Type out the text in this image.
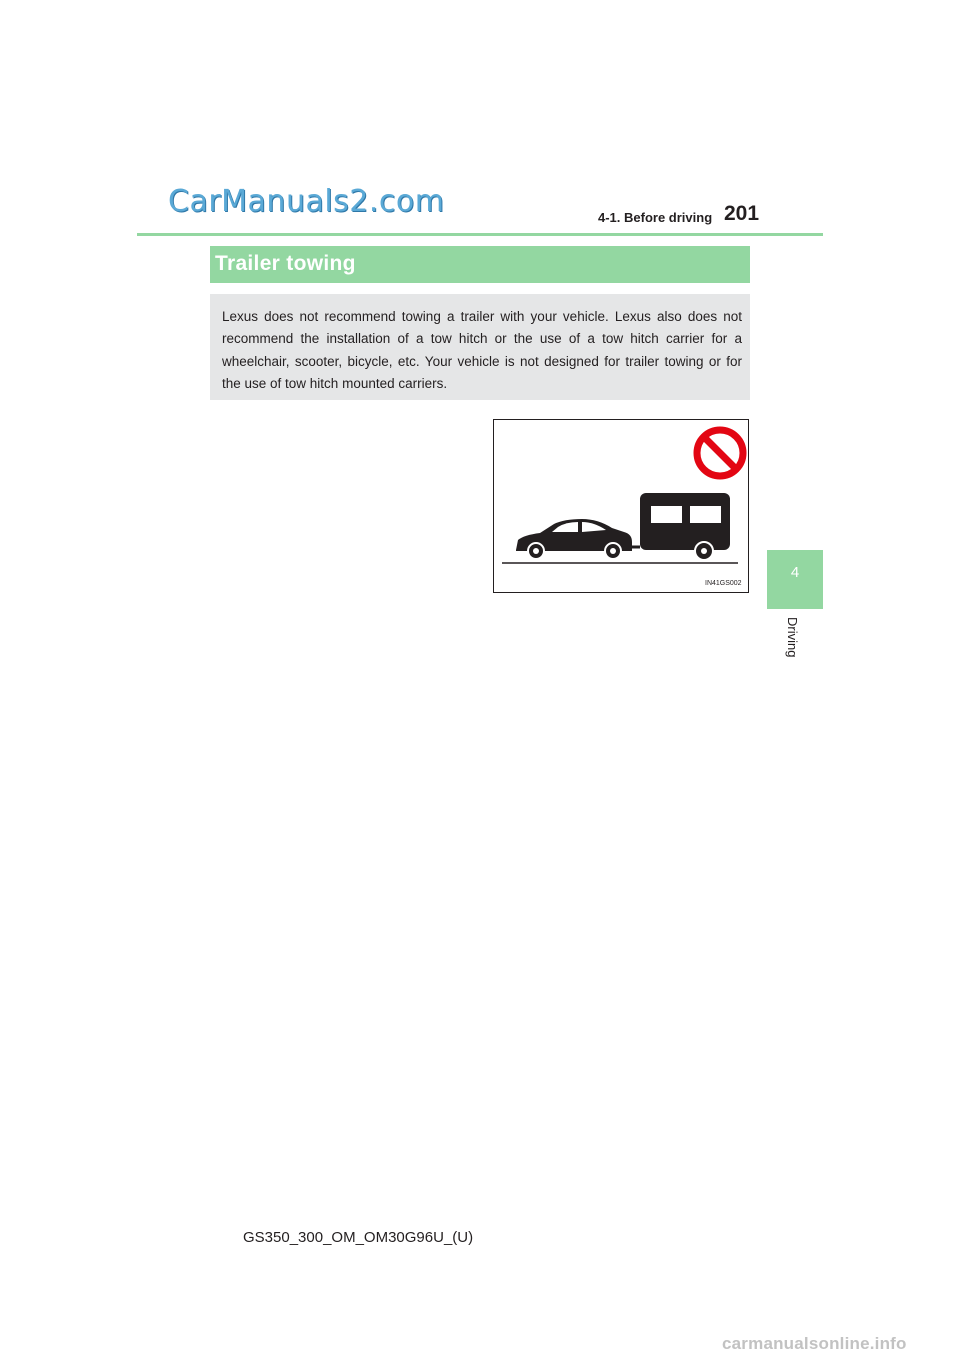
CarManuals2.com	4-1. Before driving 201
4
Driving
Trailer towing
Lexus does not recommend towing a trailer with your vehicle. Lexus also does not recommend the installation of a tow hitch or the use of a tow hitch carrier for a wheelchair, scooter, bicycle, etc. Your vehicle is not designed for trailer towing or for the use of tow hitch mounted carriers.
IN41GS002
GS350_300_OM_OM30G96U_(U)
carmanualsonline.info
